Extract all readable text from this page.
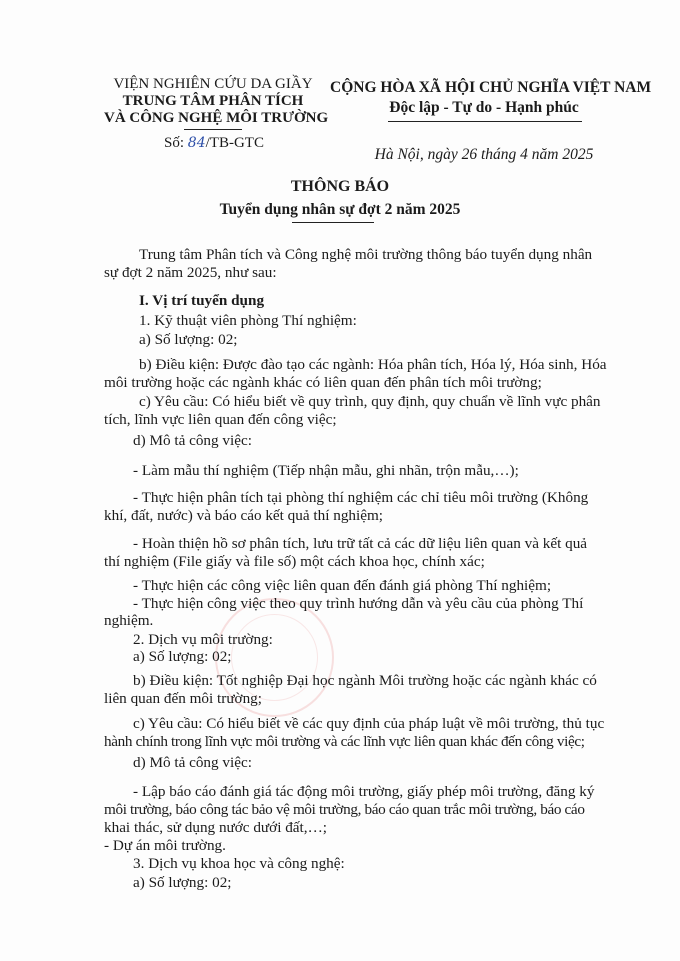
VIỆN NGHIÊN CỨU DA GIẦY
TRUNG TÂM PHÂN TÍCH
VÀ CÔNG NGHỆ MÔI TRƯỜNG
Số: 84/TB-GTC
CỘNG HÒA XÃ HỘI CHỦ NGHĨA VIỆT NAM
Độc lập - Tự do - Hạnh phúc
Hà Nội, ngày 26 tháng 4 năm 2025
THÔNG BÁO
Tuyển dụng nhân sự đợt 2 năm 2025
Trung tâm Phân tích và Công nghệ môi trường thông báo tuyển dụng nhân
sự đợt 2 năm 2025, như sau:
I. Vị trí tuyển dụng
1. Kỹ thuật viên phòng Thí nghiệm:
a) Số lượng: 02;
b) Điều kiện: Được đào tạo các ngành: Hóa phân tích, Hóa lý, Hóa sinh, Hóa
môi trường hoặc các ngành khác có liên quan đến phân tích môi trường;
c) Yêu cầu: Có hiểu biết về quy trình, quy định, quy chuẩn về lĩnh vực phân
tích, lĩnh vực liên quan đến công việc;
d) Mô tả công việc:
- Làm mẫu thí nghiệm (Tiếp nhận mẫu, ghi nhãn, trộn mẫu,…);
- Thực hiện phân tích tại phòng thí nghiệm các chỉ tiêu môi trường (Không
khí, đất, nước) và báo cáo kết quả thí nghiệm;
- Hoàn thiện hồ sơ phân tích, lưu trữ tất cả các dữ liệu liên quan và kết quả
thí nghiệm (File giấy và file số) một cách khoa học, chính xác;
- Thực hiện các công việc liên quan đến đánh giá phòng Thí nghiệm;
- Thực hiện công việc theo quy trình hướng dẫn và yêu cầu của phòng Thí
nghiệm.
2. Dịch vụ môi trường:
a) Số lượng: 02;
b) Điều kiện: Tốt nghiệp Đại học ngành Môi trường hoặc các ngành khác có
liên quan đến môi trường;
c) Yêu cầu: Có hiểu biết về các quy định của pháp luật về môi trường, thủ tục
hành chính trong lĩnh vực môi trường và các lĩnh vực liên quan khác đến công việc;
d) Mô tả công việc:
- Lập báo cáo đánh giá tác động môi trường, giấy phép môi trường, đăng ký
môi trường, báo công tác bảo vệ môi trường, báo cáo quan trắc môi trường, báo cáo
khai thác, sử dụng nước dưới đất,…;
- Dự án môi trường.
3. Dịch vụ khoa học và công nghệ:
a) Số lượng: 02;
